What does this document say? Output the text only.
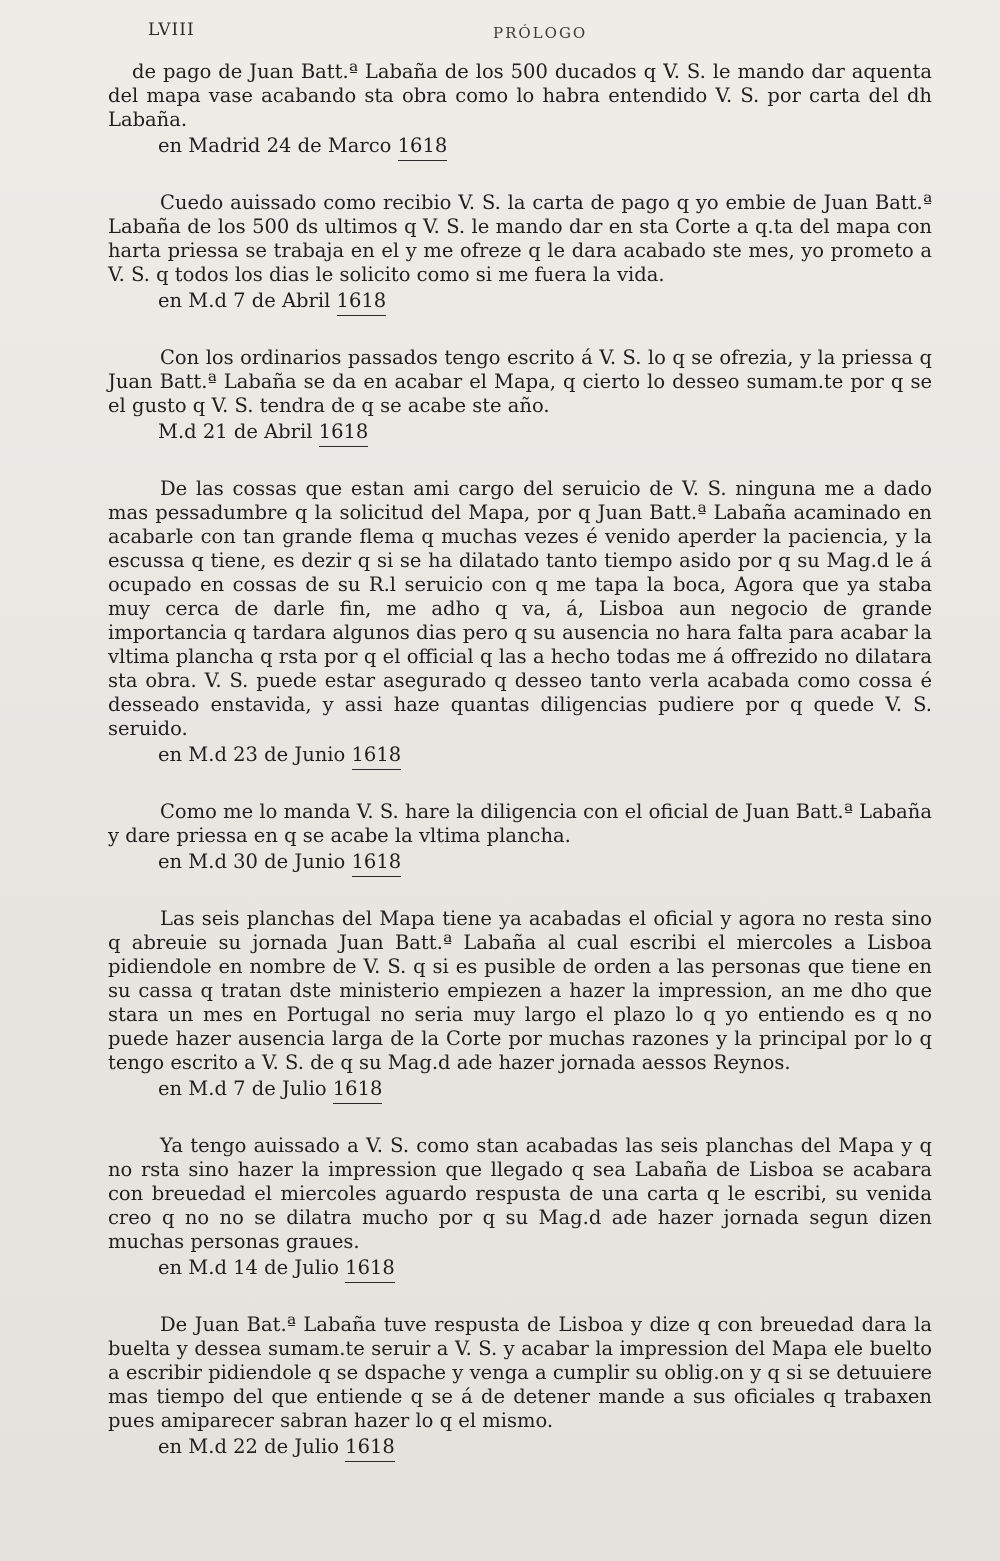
LVIII	PRÓLOGO

de pago de Juan Batt.ª Labaña de los 500 ducados q V. S. le mando dar aquenta del mapa vase acabando sta obra como lo habra entendido V. S. por carta del dh Labaña.

en Madrid 24 de Marco 1618

Cuedo auissado como recibio V. S. la carta de pago q yo embie de Juan Batt.ª Labaña de los 500 ds ultimos q V. S. le mando dar en sta Corte a q.ta del mapa con harta priessa se trabaja en el y me ofreze q le dara acabado ste mes, yo prometo a V. S. q todos los dias le solicito como si me fuera la vida.

en M.d 7 de Abril 1618

Con los ordinarios passados tengo escrito á V. S. lo q se ofrezia, y la priessa q Juan Batt.ª Labaña se da en acabar el Mapa, q cierto lo desseo sumam.te por q se el gusto q V. S. tendra de q se acabe ste año.

M.d 21 de Abril 1618

De las cossas que estan ami cargo del seruicio de V. S. ninguna me a dado mas pessadumbre q la solicitud del Mapa, por q Juan Batt.ª Labaña acaminado en acabarle con tan grande flema q muchas vezes é venido aperder la paciencia, y la escussa q tiene, es dezir q si se ha dilatado tanto tiempo asido por q su Mag.d le á ocupado en cossas de su R.l seruicio con q me tapa la boca, Agora que ya staba muy cerca de darle fin, me adho q va, á, Lisboa aun negocio de grande importancia q tardara algunos dias pero q su ausencia no hara falta para acabar la vltima plancha q rsta por q el official q las a hecho todas me á offrezido no dilatara sta obra. V. S. puede estar asegurado q desseo tanto verla acabada como cossa é desseado enstavida, y assi haze quantas diligencias pudiere por q quede V. S. seruido.

en M.d 23 de Junio 1618

Como me lo manda V. S. hare la diligencia con el oficial de Juan Batt.ª Labaña y dare priessa en q se acabe la vltima plancha.

en M.d 30 de Junio 1618

Las seis planchas del Mapa tiene ya acabadas el oficial y agora no resta sino q abreuie su jornada Juan Batt.ª Labaña al cual escribi el miercoles a Lisboa pidiendole en nombre de V. S. q si es pusible de orden a las personas que tiene en su cassa q tratan dste ministerio empiezen a hazer la impression, an me dho que stara un mes en Portugal no seria muy largo el plazo lo q yo entiendo es q no puede hazer ausencia larga de la Corte por muchas razones y la principal por lo q tengo escrito a V. S. de q su Mag.d ade hazer jornada aessos Reynos.

en M.d 7 de Julio 1618

Ya tengo auissado a V. S. como stan acabadas las seis planchas del Mapa y q no rsta sino hazer la impression que llegado q sea Labaña de Lisboa se acabara con breuedad el miercoles aguardo respusta de una carta q le escribi, su venida creo q no no se dilatra mucho por q su Mag.d ade hazer jornada segun dizen muchas personas graues.

en M.d 14 de Julio 1618

De Juan Bat.ª Labaña tuve respusta de Lisboa y dize q con breuedad dara la buelta y dessea sumam.te seruir a V. S. y acabar la impression del Mapa ele buelto a escribir pidiendole q se dspache y venga a cumplir su oblig.on y q si se detuuiere mas tiempo del que entiende q se á de detener mande a sus oficiales q trabaxen pues amiparecer sabran hazer lo q el mismo.

en M.d 22 de Julio 1618
